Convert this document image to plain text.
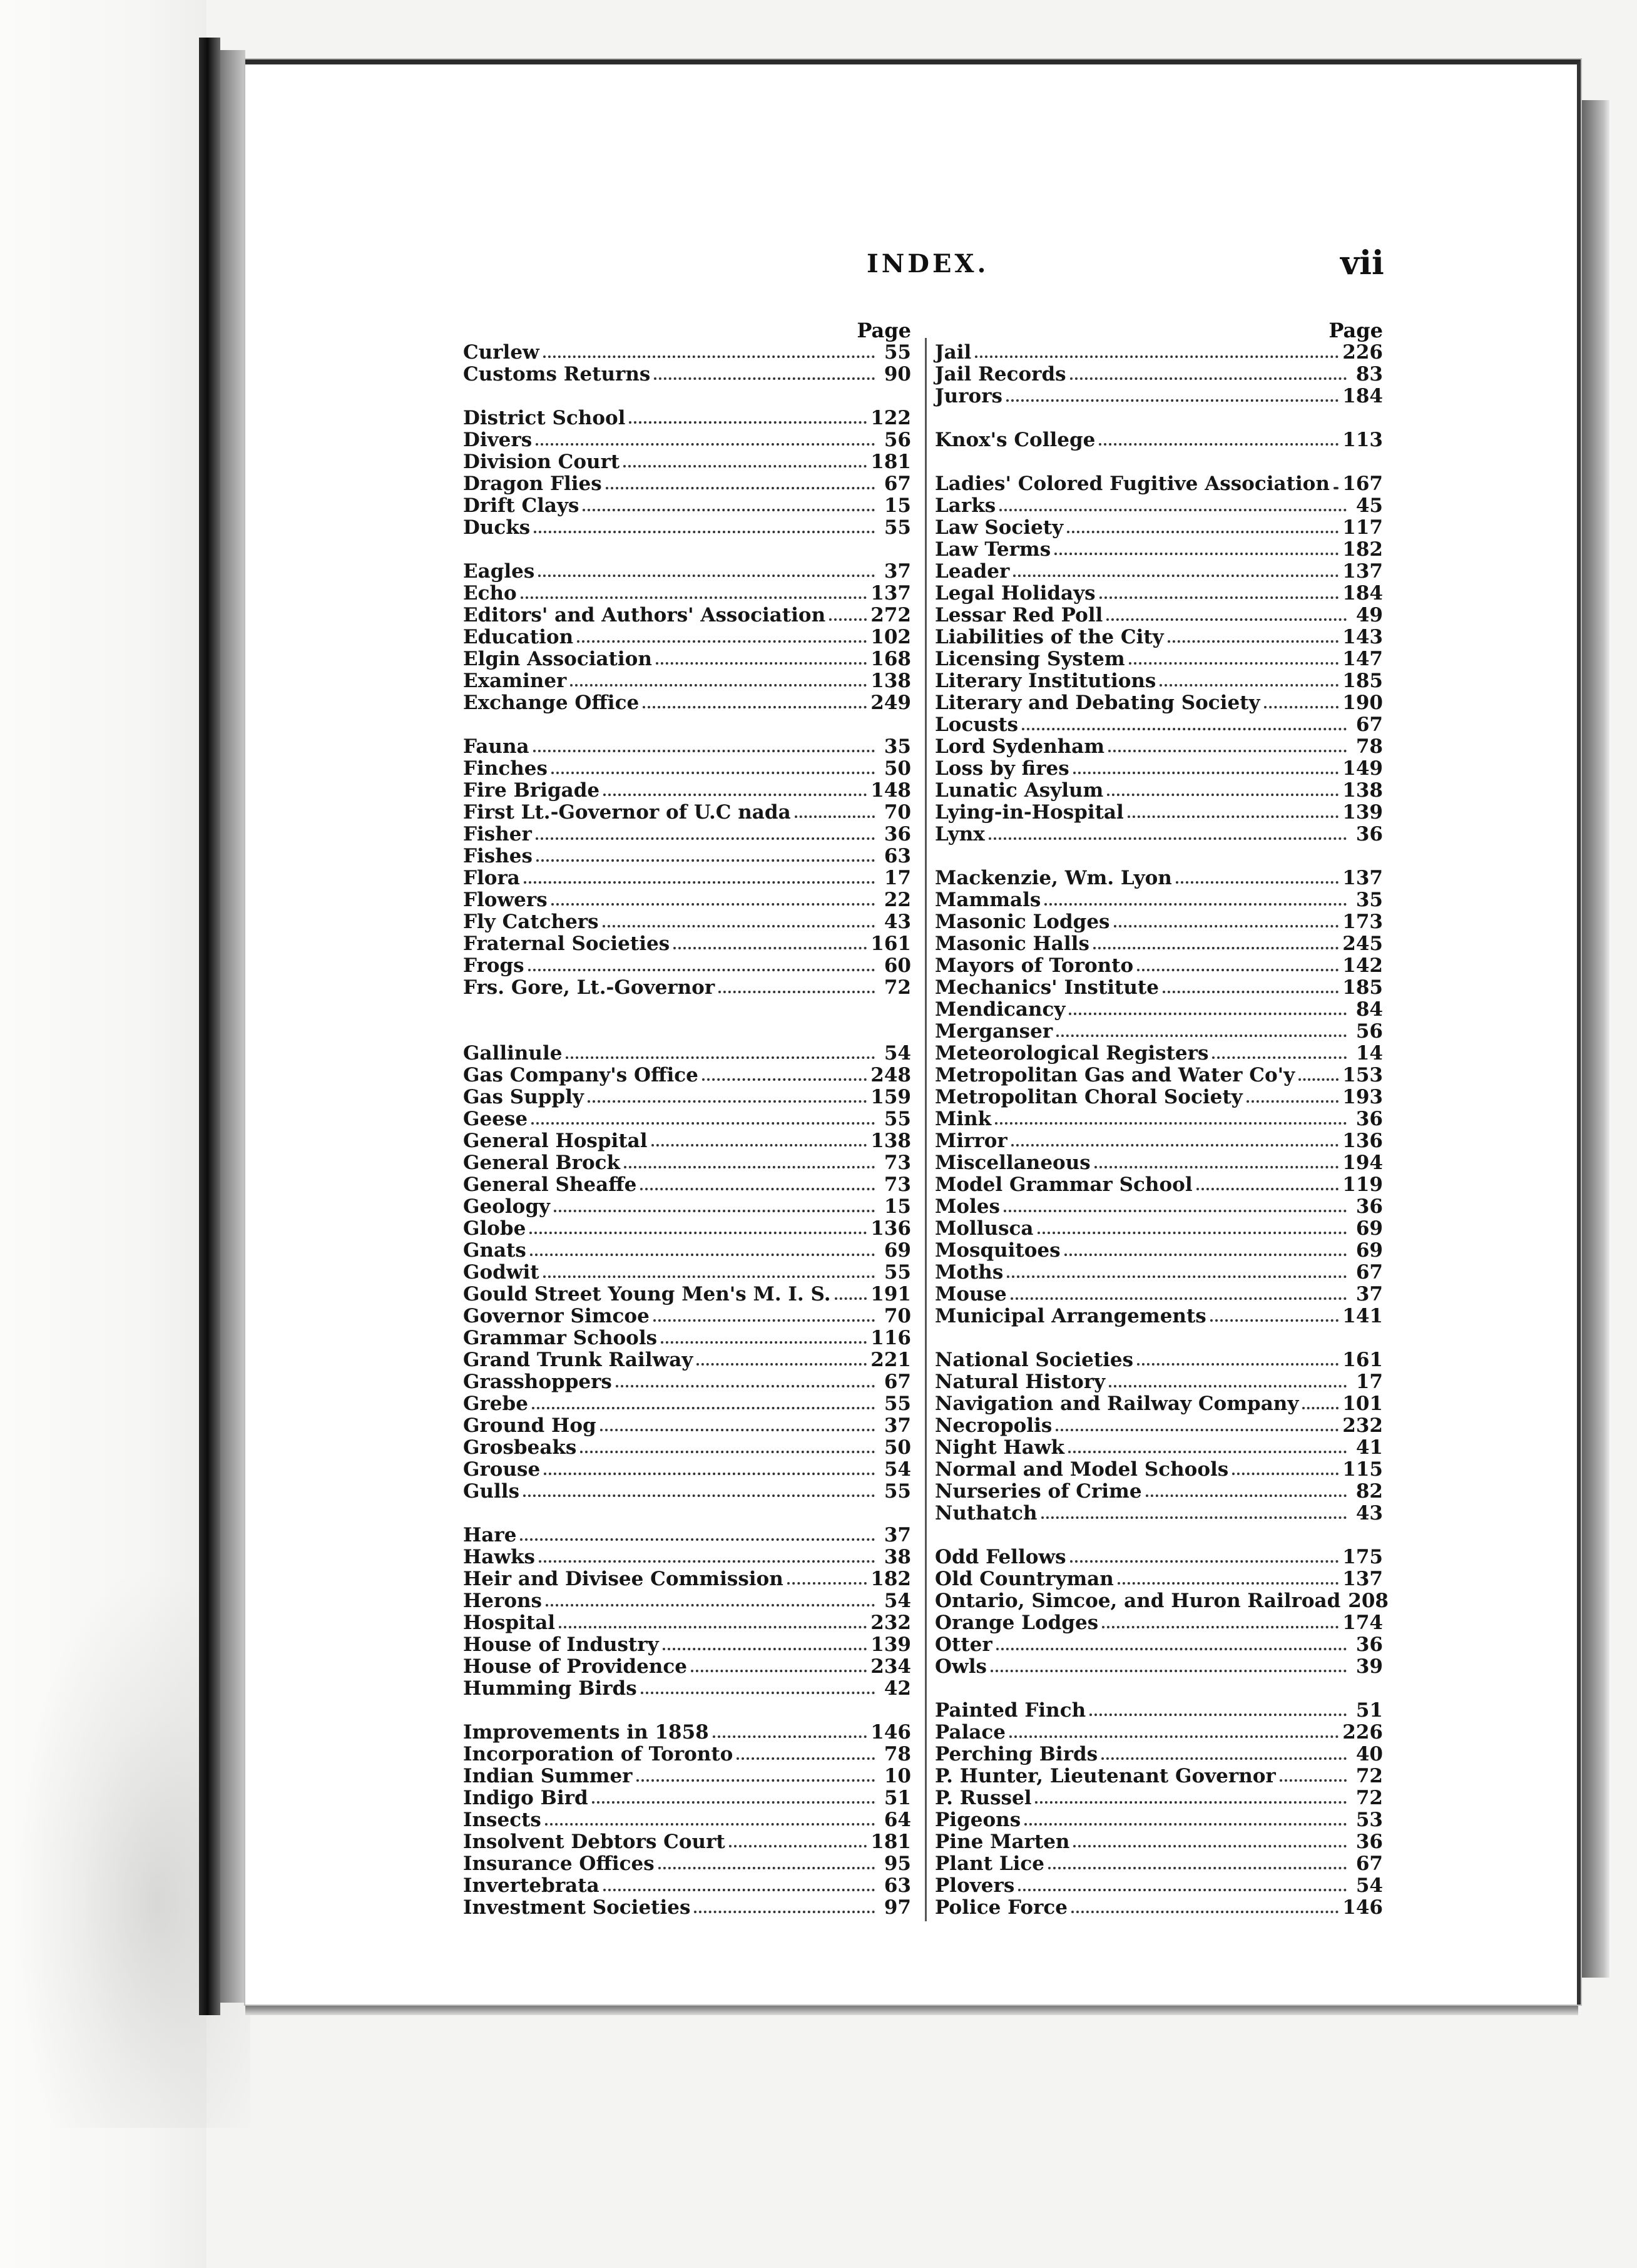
INDEX.	vii
Page
Curlew	55
Customs Returns	90
District School	122
Divers	56
Division Court	181
Dragon Flies	67
Drift Clays	15
Ducks	55
Eagles	37
Echo	137
Editors' and Authors' Association 272
Education	102
Elgin Association	168
Examiner	138
Exchange Office	249
Fauna	35
Finches	50
Fire Brigade	148
First Lt.-Governor of U.C nada	70
Fisher	36
Fishes	63
Flora	17
Flowers	22
Fly Catchers	43
Fraternal Societies	161
Frogs	60
Frs. Gore, Lt.-Governor	72
Gallinule	54
Gas Company's Office	248
Gas Supply	159
Geese	55
General Hospital	138
General Brock	73
General Sheaffe	73
Geology	15
Globe	136
Gnats	69
Godwit	55
Gould Street Young Men's M. I. S. 191
Governor Simcoe	70
Grammar Schools	116
Grand Trunk Railway	221
Grasshoppers	67
Grebe	55
Ground Hog	37
Grosbeaks	50
Grouse	54
Gulls	55
Hare	37
Hawks	38
Heir and Divisee Commission	182
Herons	54
Hospital	232
House of Industry	139
House of Providence	234
Humming Birds	42
Improvements in 1858	146
Incorporation of Toronto	78
Indian Summer	10
Indigo Bird	51
Insects	64
Insolvent Debtors Court	181
Insurance Offices	95
Invertebrata	63
Investment Societies	97
Page
Jail	226
Jail Records	83
Jurors	184
Knox's College	113
Ladies' Colored Fugitive Association 167
Larks	45
Law Society	117
Law Terms	182
Leader	137
Legal Holidays	184
Lessar Red Poll	49
Liabilities of the City	143
Licensing System	147
Literary Institutions	185
Literary and Debating Society	190
Locusts	67
Lord Sydenham	78
Loss by fires	149
Lunatic Asylum	138
Lying-in-Hospital	139
Lynx	36
Mackenzie, Wm. Lyon	137
Mammals	35
Masonic Lodges	173
Masonic Halls	245
Mayors of Toronto	142
Mechanics' Institute	185
Mendicancy	84
Merganser	56
Meteorological Registers	14
Metropolitan Gas and Water Co'y 153
Metropolitan Choral Society	193
Mink	36
Mirror	136
Miscellaneous	194
Model Grammar School	119
Moles	36
Mollusca	69
Mosquitoes	69
Moths	67
Mouse	37
Municipal Arrangements	141
National Societies	161
Natural History	17
Navigation and Railway Company 101
Necropolis	232
Night Hawk	41
Normal and Model Schools	115
Nurseries of Crime	82
Nuthatch	43
Odd Fellows	175
Old Countryman	137
Ontario, Simcoe, and Huron Railroad 208
Orange Lodges	174
Otter	36
Owls	39
Painted Finch	51
Palace	226
Perching Birds	40
P. Hunter, Lieutenant Governor	72
P. Russel	72
Pigeons	53
Pine Marten	36
Plant Lice	67
Plovers	54
Police Force	146
